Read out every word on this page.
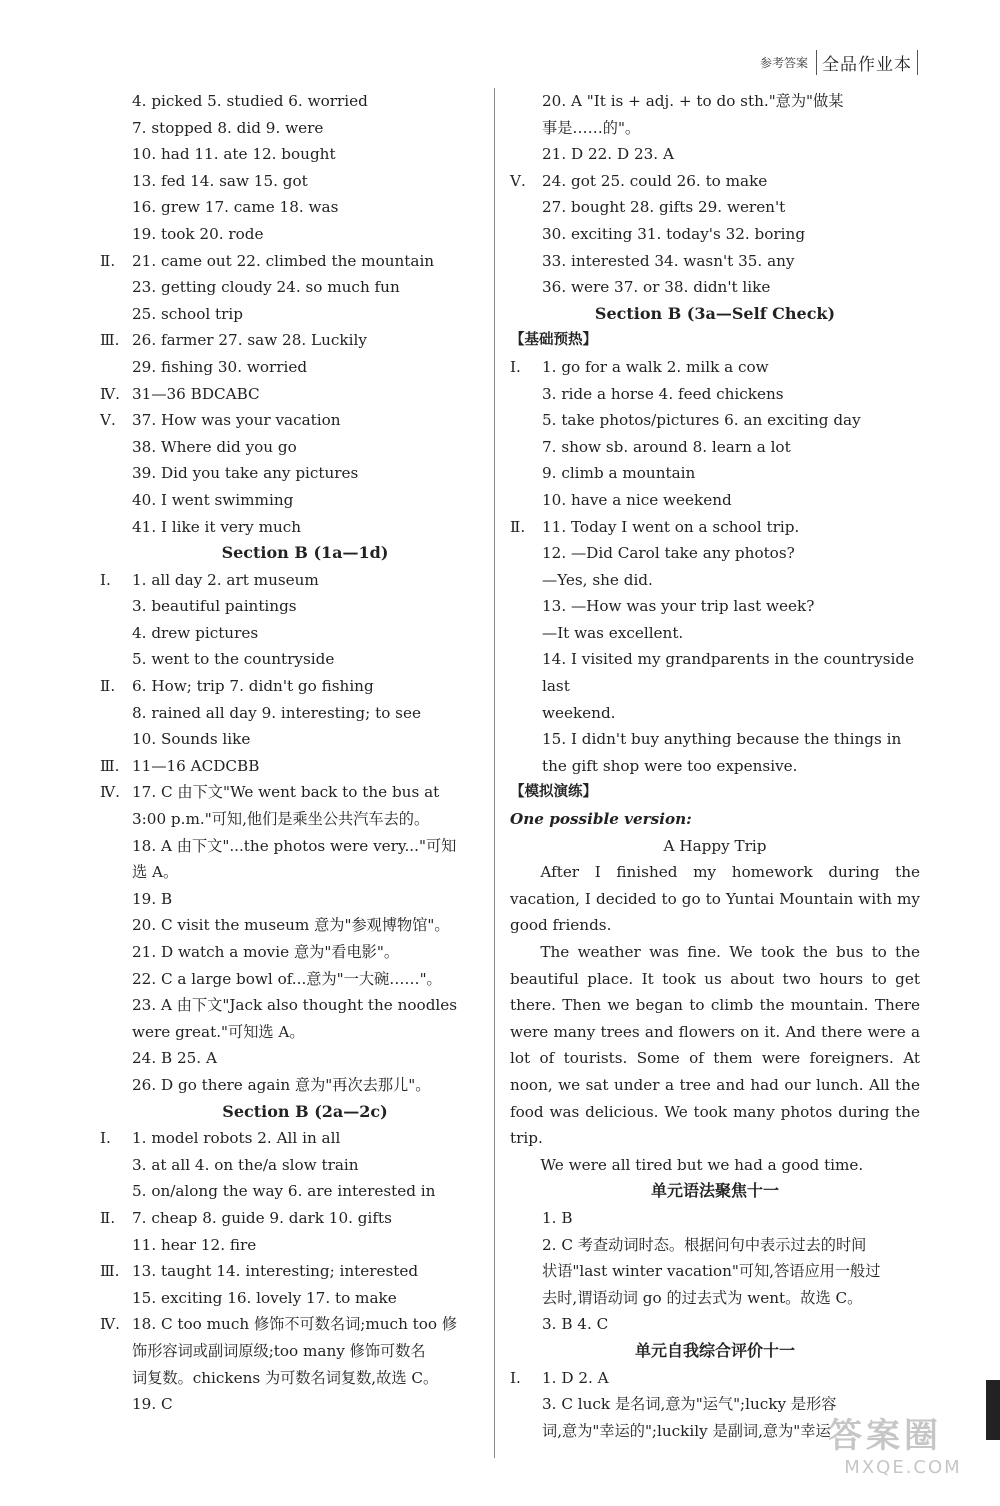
参考答案 全品作业本
4. picked 5. studied 6. worried
7. stopped 8. did 9. were
10. had 11. ate 12. bought
13. fed 14. saw 15. got
16. grew 17. came 18. was
19. took 20. rode
Ⅱ.	21. came out 22. climbed the mountain
23. getting cloudy 24. so much fun
25. school trip
Ⅲ. 26. farmer 27. saw 28. Luckily
29. fishing 30. worried
Ⅳ. 31—36 BDCABC
Ⅴ.	37. How was your vacation
38. Where did you go
39. Did you take any pictures
40. I went swimming
41. I like it very much
Section B (1a—1d)
Ⅰ.	1. all day 2. art museum
3. beautiful paintings
4. drew pictures
5. went to the countryside
Ⅱ.	6. How; trip 7. didn't go fishing
8. rained all day 9. interesting; to see
10. Sounds like
Ⅲ. 11—16 ACDCBB
Ⅳ. 17. C 由下文"We went back to the bus at
3:00 p.m."可知,他们是乘坐公共汽车去的。
18. A 由下文"...the photos were very..."可知
选 A。
19. B
20. C visit the museum 意为"参观博物馆"。
21. D watch a movie 意为"看电影"。
22. C a large bowl of...意为"一大碗……"。
23. A 由下文"Jack also thought the noodles
were great."可知选 A。
24. B 25. A
26. D go there again 意为"再次去那儿"。
Section B (2a—2c)
Ⅰ.	1. model robots 2. All in all
3. at all 4. on the/a slow train
5. on/along the way 6. are interested in
Ⅱ.	7. cheap 8. guide 9. dark 10. gifts
11. hear 12. fire
Ⅲ. 13. taught 14. interesting; interested
15. exciting 16. lovely 17. to make
Ⅳ. 18. C too much 修饰不可数名词;much too 修
饰形容词或副词原级;too many 修饰可数名
词复数。chickens 为可数名词复数,故选 C。
19. C
20. A "It is + adj. + to do sth."意为"做某
事是……的"。
21. D 22. D 23. A
Ⅴ.	24. got 25. could 26. to make
27. bought 28. gifts 29. weren't
30. exciting 31. today's 32. boring
33. interested 34. wasn't 35. any
36. were 37. or 38. didn't like
Section B (3a—Self Check)
【基础预热】
Ⅰ.	1. go for a walk 2. milk a cow
3. ride a horse 4. feed chickens
5. take photos/pictures 6. an exciting day
7. show sb. around 8. learn a lot
9. climb a mountain
10. have a nice weekend
Ⅱ.	11. Today I went on a school trip.
12. —Did Carol take any photos?
—Yes, she did.
13. —How was your trip last week?
—It was excellent.
14. I visited my grandparents in the countryside last
weekend.
15. I didn't buy anything because the things in
the gift shop were too expensive.
【模拟演练】
One possible version:
A Happy Trip
After I finished my homework during the vacation, I decided to go to Yuntai Mountain with my good friends.
The weather was fine. We took the bus to the beautiful place. It took us about two hours to get there. Then we began to climb the mountain. There were many trees and flowers on it. And there were a lot of tourists. Some of them were foreigners. At noon, we sat under a tree and had our lunch. All the food was delicious. We took many photos during the trip.
We were all tired but we had a good time.
单元语法聚焦十一
1. B
2. C 考查动词时态。根据问句中表示过去的时间
状语"last winter vacation"可知,答语应用一般过
去时,谓语动词 go 的过去式为 went。故选 C。
3. B 4. C
单元自我综合评价十一
Ⅰ.	1. D 2. A
3. C luck 是名词,意为"运气";lucky 是形容
词,意为"幸运的";luckily 是副词,意为"幸运
答案圈
MXQE.COM
